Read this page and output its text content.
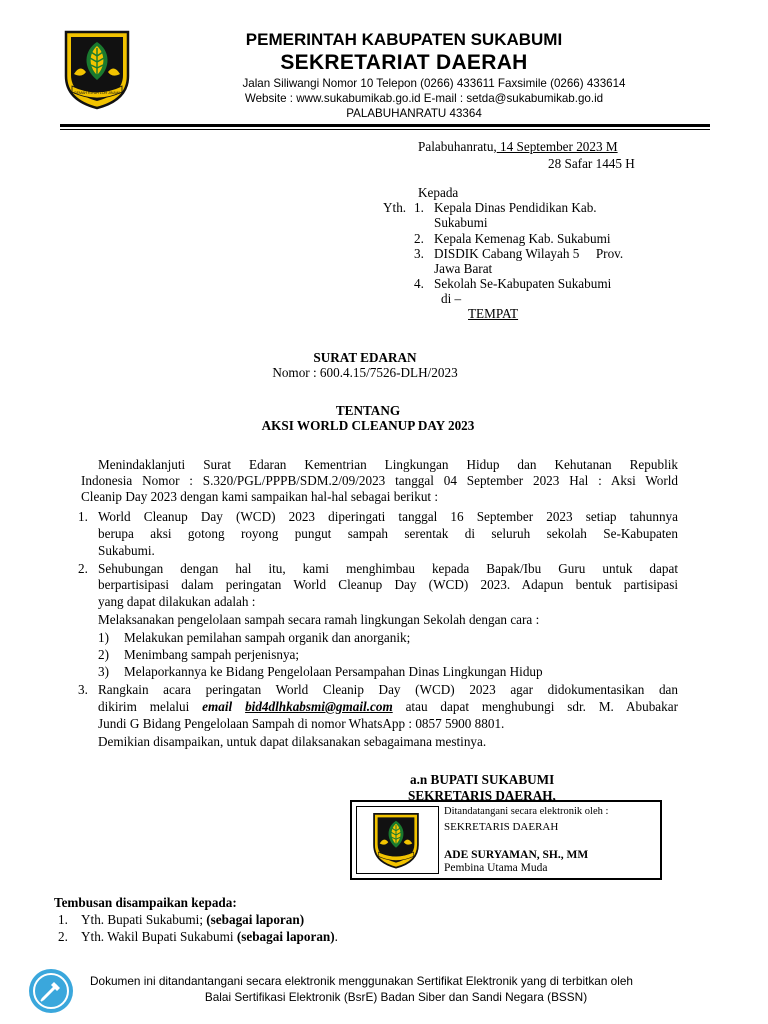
GEMAH RIPAH LOH JINAWI
PEMERINTAH KABUPATEN SUKABUMI
SEKRETARIAT DAERAH
Jalan Siliwangi Nomor 10 Telepon (0266) 433611 Faxsimile (0266) 433614
Website : www.sukabumikab.go.id E-mail : setda@sukabumikab.go.id
PALABUHANRATU 43364
Palabuhanratu, 14 September 2023 M
28 Safar 1445 H
Kepada
Yth. 1. Kepala Dinas Pendidikan Kab.
Sukabumi
2. Kepala Kemenag Kab. Sukabumi
3. DISDIK Cabang Wilayah 5     Prov.
Jawa Barat
4. Sekolah Se-Kabupaten Sukabumi
di –
TEMPAT
SURAT EDARAN
Nomor : 600.4.15/7526-DLH/2023
TENTANG
AKSI WORLD CLEANUP DAY 2023
Menindaklanjuti Surat Edaran Kementrian Lingkungan Hidup dan Kehutanan Republik
Indonesia Nomor : S.320/PGL/PPPB/SDM.2/09/2023 tanggal 04 September 2023 Hal : Aksi World
Cleanip Day 2023 dengan kami sampaikan hal-hal sebagai berikut :
1. World Cleanup Day (WCD) 2023 diperingati tanggal 16 September 2023 setiap tahunnya
berupa aksi gotong royong pungut sampah serentak di seluruh sekolah Se-Kabupaten
Sukabumi.
2. Sehubungan dengan hal itu, kami menghimbau kepada Bapak/Ibu Guru untuk dapat
berpartisipasi dalam peringatan World Cleanup Day (WCD) 2023. Adapun bentuk partisipasi
yang dapat dilakukan adalah :
Melaksanakan pengelolaan sampah secara ramah lingkungan Sekolah dengan cara :
1) Melakukan pemilahan sampah organik dan anorganik;
2) Menimbang sampah perjenisnya;
3) Melaporkannya ke Bidang Pengelolaan Persampahan Dinas Lingkungan Hidup
3. Rangkain acara peringatan World Cleanip Day (WCD) 2023 agar didokumentasikan dan
dikirim melalui email bid4dlhkabsmi@gmail.com atau dapat menghubungi sdr. M. Abubakar
Jundi G Bidang Pengelolaan Sampah di nomor WhatsApp : 0857 5900 8801.
Demikian disampaikan, untuk dapat dilaksanakan sebagaimana mestinya.
a.n BUPATI SUKABUMI
SEKRETARIS DAERAH,
Ditandatangani secara elektronik oleh :
SEKRETARIS DAERAH
ADE SURYAMAN, SH., MM
Pembina Utama Muda
Tembusan disampaikan kepada:
1. Yth. Bupati Sukabumi; (sebagai laporan)
2. Yth. Wakil Bupati Sukabumi (sebagai laporan).
Dokumen ini ditandantangani secara elektronik menggunakan Sertifikat Elektronik yang di terbitkan oleh
Balai Sertifikasi Elektronik (BsrE) Badan Siber dan Sandi Negara (BSSN)
